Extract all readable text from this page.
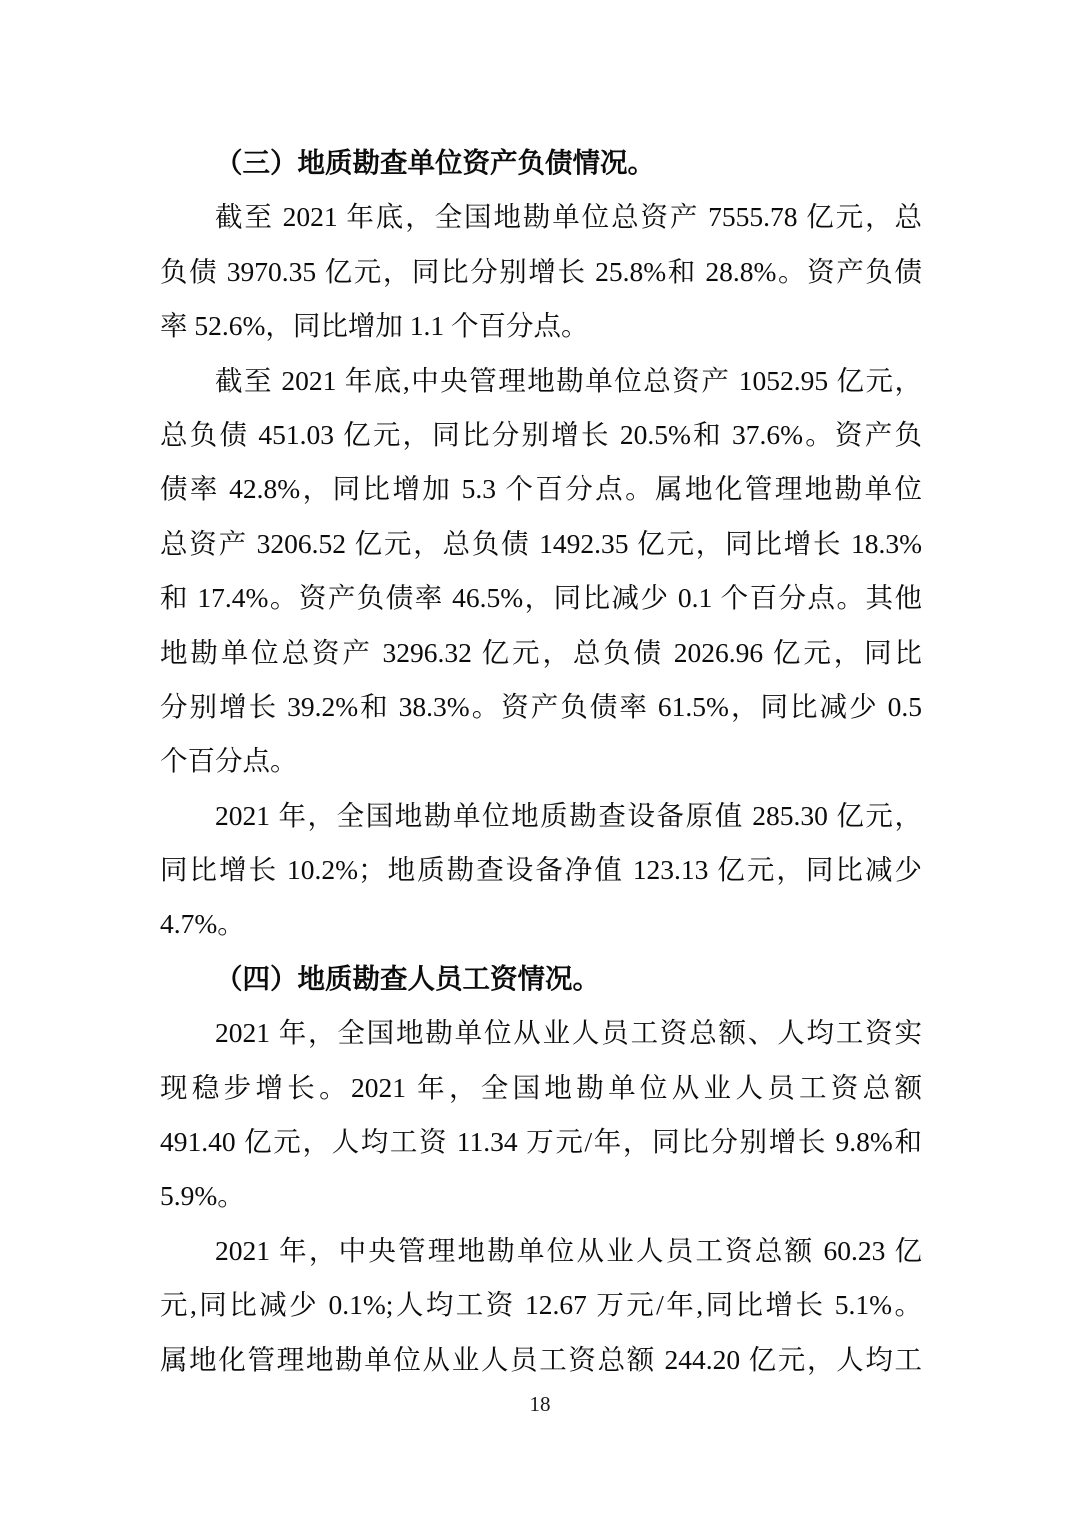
（三）地质勘查单位资产负债情况。
截至 2021 年底，全国地勘单位总资产 7555.78 亿元，总
负债 3970.35 亿元，同比分别增长 25.8%和 28.8%。资产负债
率 52.6%，同比增加 1.1 个百分点。
截至 2021 年底,中央管理地勘单位总资产 1052.95 亿元，
总负债 451.03 亿元，同比分别增长 20.5%和 37.6%。资产负
债率 42.8%，同比增加 5.3 个百分点。属地化管理地勘单位
总资产 3206.52 亿元，总负债 1492.35 亿元，同比增长 18.3%
和 17.4%。资产负债率 46.5%，同比减少 0.1 个百分点。其他
地勘单位总资产 3296.32 亿元，总负债 2026.96 亿元，同比
分别增长 39.2%和 38.3%。资产负债率 61.5%，同比减少 0.5
个百分点。
2021 年，全国地勘单位地质勘查设备原值 285.30 亿元，
同比增长 10.2%；地质勘查设备净值 123.13 亿元，同比减少
4.7%。
（四）地质勘查人员工资情况。
2021 年，全国地勘单位从业人员工资总额、人均工资实
现稳步增长。2021 年，全国地勘单位从业人员工资总额
491.40 亿元，人均工资 11.34 万元/年，同比分别增长 9.8%和
5.9%。
2021 年，中央管理地勘单位从业人员工资总额 60.23 亿
元,同比减少 0.1%;人均工资 12.67 万元/年,同比增长 5.1%。
属地化管理地勘单位从业人员工资总额 244.20 亿元，人均工
18
